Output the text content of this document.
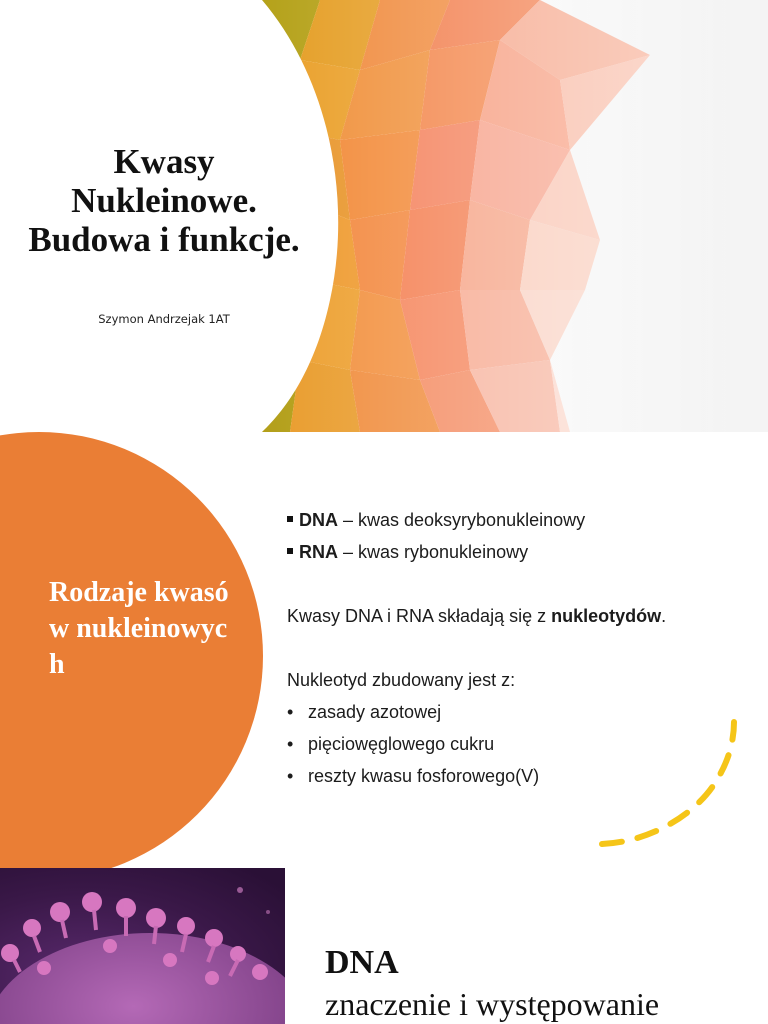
Kwasy
Nukleinowe.
Budowa i funkcje.
Szymon Andrzejak 1AT
Rodzaje kwasów nukleinowych
DNA – kwas deoksyrybonukleinowy
RNA – kwas rybonukleinowy
Kwasy DNA i RNA składają się z nukleotydów.
Nukleotyd zbudowany jest z:
• zasady azotowej
• pięciowęglowego cukru
• reszty kwasu fosforowego(V)
DNA
znaczenie i występowanie
